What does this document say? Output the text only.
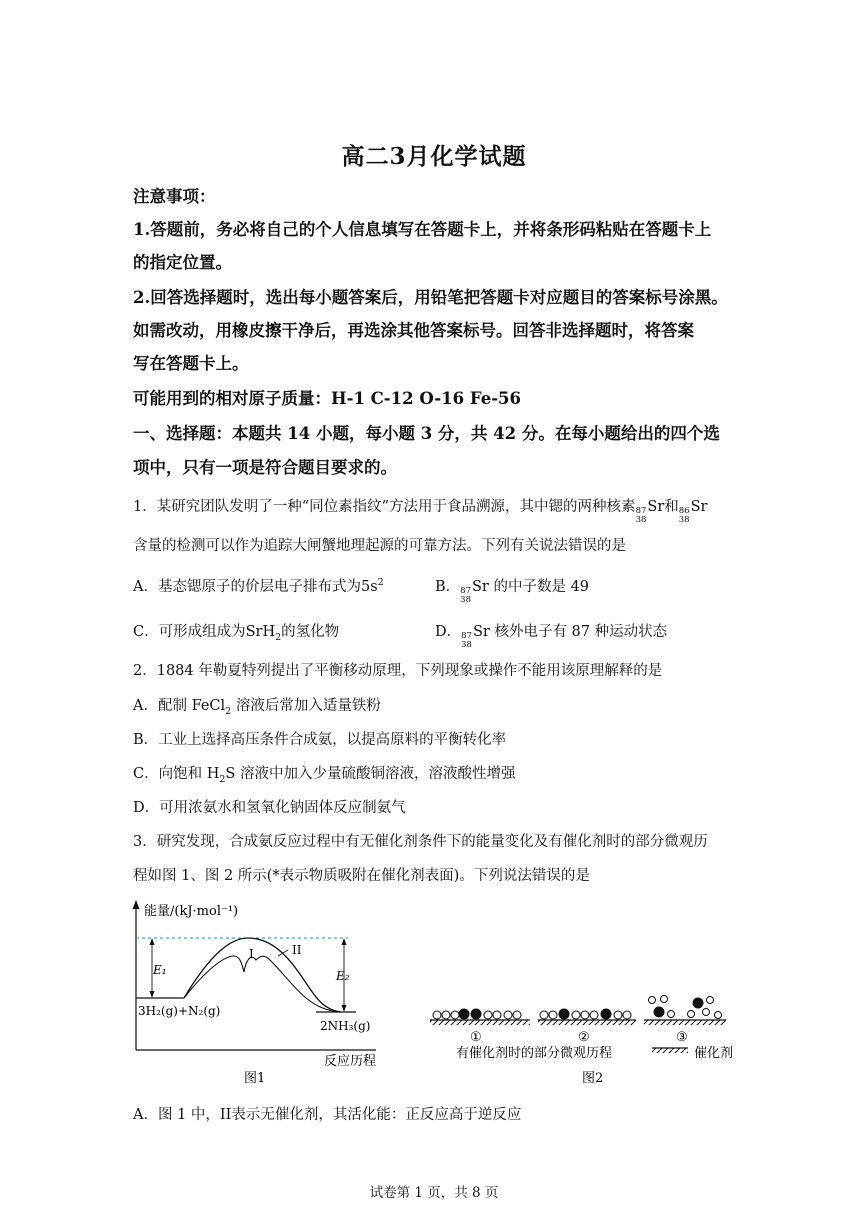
高二3月化学试题
注意事项：
1.答题前，务必将自己的个人信息填写在答题卡上，并将条形码粘贴在答题卡上
的指定位置。
2.回答选择题时，选出每小题答案后，用铅笔把答题卡对应题目的答案标号涂黑。
如需改动，用橡皮擦干净后，再选涂其他答案标号。回答非选择题时，将答案
写在答题卡上。
可能用到的相对原子质量：H-1 C-12 O-16 Fe-56
一、选择题：本题共 14 小题，每小题 3 分，共 42 分。在每小题给出的四个选
项中，只有一项是符合题目要求的。
1．某研究团队发明了一种“同位素指纹”方法用于食品溯源，其中锶的两种核素 87
38
Sr和 86
38
Sr
含量的检测可以作为追踪大闸蟹地理起源的可靠方法。下列有关说法错误的是
A．基态锶原子的价层电子排布式为$5s^2$	B． 87
38
Sr 的中子数是 49
C．可形成组成为SrH$_2$的氢化物	D． 87
38
Sr 核外电子有 87 种运动状态
2．1884 年勒夏特列提出了平衡移动原理，下列现象或操作不能用该原理解释的是
A．配制 FeCl$_2$ 溶液后常加入适量铁粉
B．工业上选择高压条件合成氨，以提高原料的平衡转化率
C．向饱和 $H_2S$ 溶液中加入少量硫酸铜溶液，溶液酸性增强
D．可用浓氨水和氢氧化钠固体反应制氨气
3．研究发现，合成氨反应过程中有无催化剂条件下的能量变化及有催化剂时的部分微观历
程如图 1、图 2 所示(*表示物质吸附在催化剂表面)。下列说法错误的是
能量/(kJ·mol⁻¹)
反应历程
3H₂(g)+N₂(g)
2NH₃(g)
I	II
E₁	E₂
图1
①	②	③
有催化剂时的部分微观历程	催化剂
图2
A．图 1 中，II表示无催化剂，其活化能：正反应高于逆反应
试卷第 1 页，共 8 页
